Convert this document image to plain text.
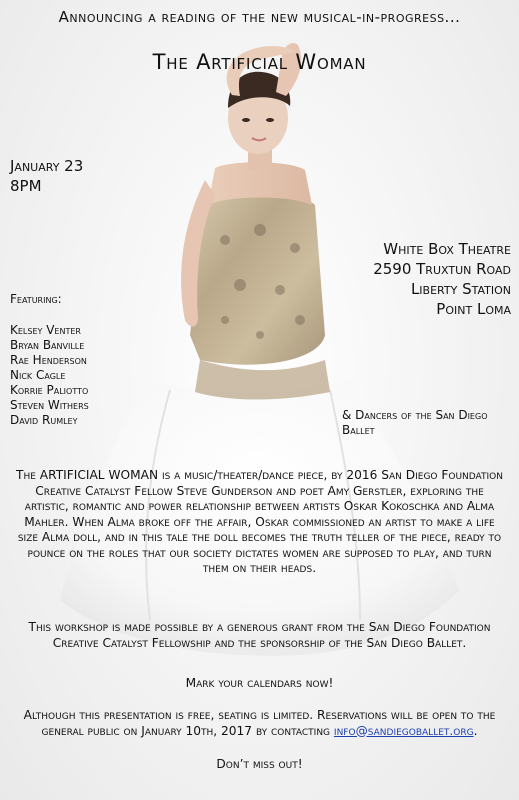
Announcing a reading of the new musical-in-progress...
The Artificial Woman
January 23
8PM
White Box Theatre
2590 Truxtun Road
Liberty Station
Point Loma
Featuring:
Kelsey Venter
Bryan Banville
Rae Henderson
Nick Cagle
Korrie Paliotto
Steven Withers
David Rumley	& Dancers of the San Diego Ballet

The ARTIFICIAL WOMAN is a music/theater/dance piece, by 2016 San Diego Foundation Creative Catalyst Fellow Steve Gunderson and poet Amy Gerstler, exploring the artistic, romantic and power relationship between artists Oskar Kokoschka and Alma Mahler. When Alma broke off the affair, Oskar commissioned an artist to make a life size Alma doll, and in this tale the doll becomes the truth teller of the piece, ready to pounce on the roles that our society dictates women are supposed to play, and turn them on their heads.

This workshop is made possible by a generous grant from the San Diego Foundation Creative Catalyst Fellowship and the sponsorship of the San Diego Ballet.

Mark your calendars now!

Although this presentation is free, seating is limited. Reservations will be open to the general public on January 10th, 2017 by contacting info@sandiegoballet.org.

Don’t miss out!
